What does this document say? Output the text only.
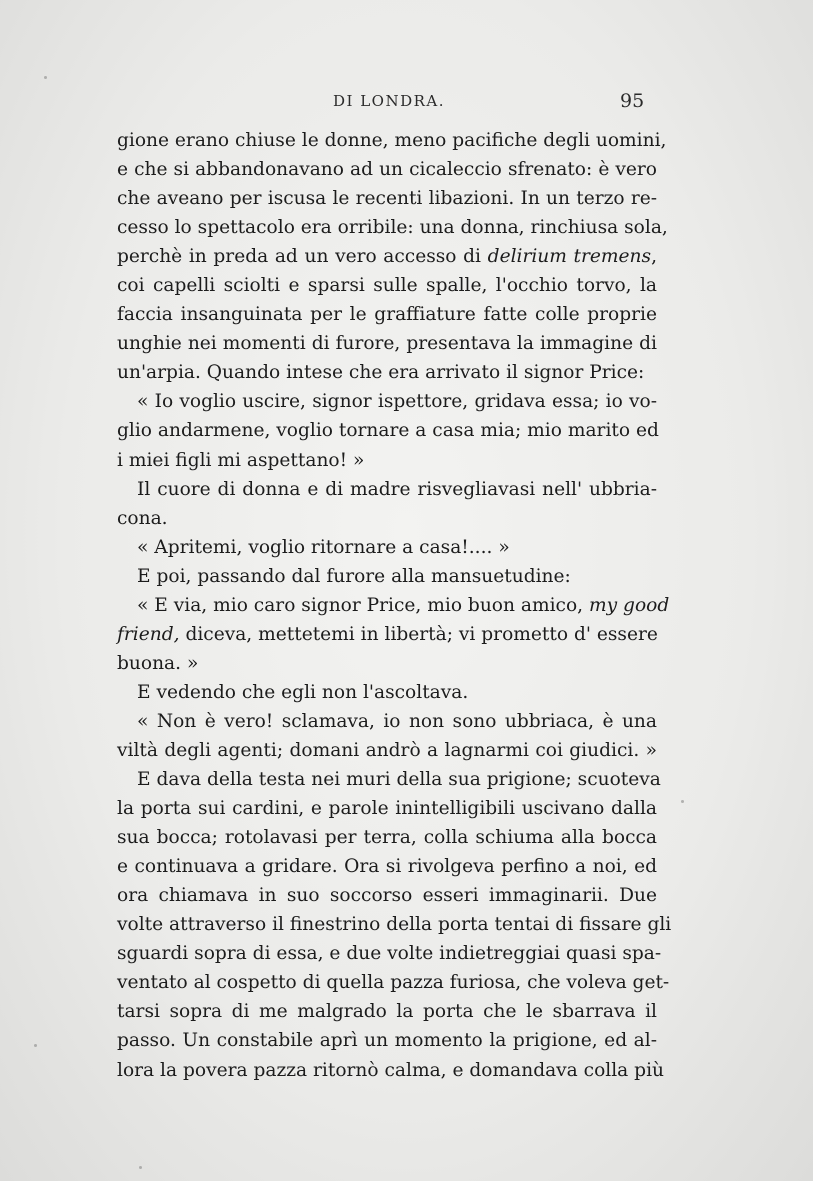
DI LONDRA.	95
gione erano chiuse le donne, meno pacifiche degli uomini,
e che si abbandonavano ad un cicaleccio sfrenato: è vero
che aveano per iscusa le recenti libazioni. In un terzo re-
cesso lo spettacolo era orribile: una donna, rinchiusa sola,
perchè in preda ad un vero accesso di delirium tremens,
coi capelli sciolti e sparsi sulle spalle, l'occhio torvo, la
faccia insanguinata per le graffiature fatte colle proprie
unghie nei momenti di furore, presentava la immagine di
un'arpia. Quando intese che era arrivato il signor Price:
« Io voglio uscire, signor ispettore, gridava essa; io vo-
glio andarmene, voglio tornare a casa mia; mio marito ed
i miei figli mi aspettano! »
Il cuore di donna e di madre risvegliavasi nell' ubbria-
cona.
« Apritemi, voglio ritornare a casa!.... »
E poi, passando dal furore alla mansuetudine:
« E via, mio caro signor Price, mio buon amico, my good
friend, diceva, mettetemi in libertà; vi prometto d' essere
buona. »
E vedendo che egli non l'ascoltava.
« Non è vero! sclamava, io non sono ubbriaca, è una
viltà degli agenti; domani andrò a lagnarmi coi giudici. »
E dava della testa nei muri della sua prigione; scuoteva
la porta sui cardini, e parole inintelligibili uscivano dalla
sua bocca; rotolavasi per terra, colla schiuma alla bocca
e continuava a gridare. Ora si rivolgeva perfino a noi, ed
ora chiamava in suo soccorso esseri immaginarii. Due
volte attraverso il finestrino della porta tentai di fissare gli
sguardi sopra di essa, e due volte indietreggiai quasi spa-
ventato al cospetto di quella pazza furiosa, che voleva get-
tarsi sopra di me malgrado la porta che le sbarrava il
passo. Un constabile aprì un momento la prigione, ed al-
lora la povera pazza ritornò calma, e domandava colla più
